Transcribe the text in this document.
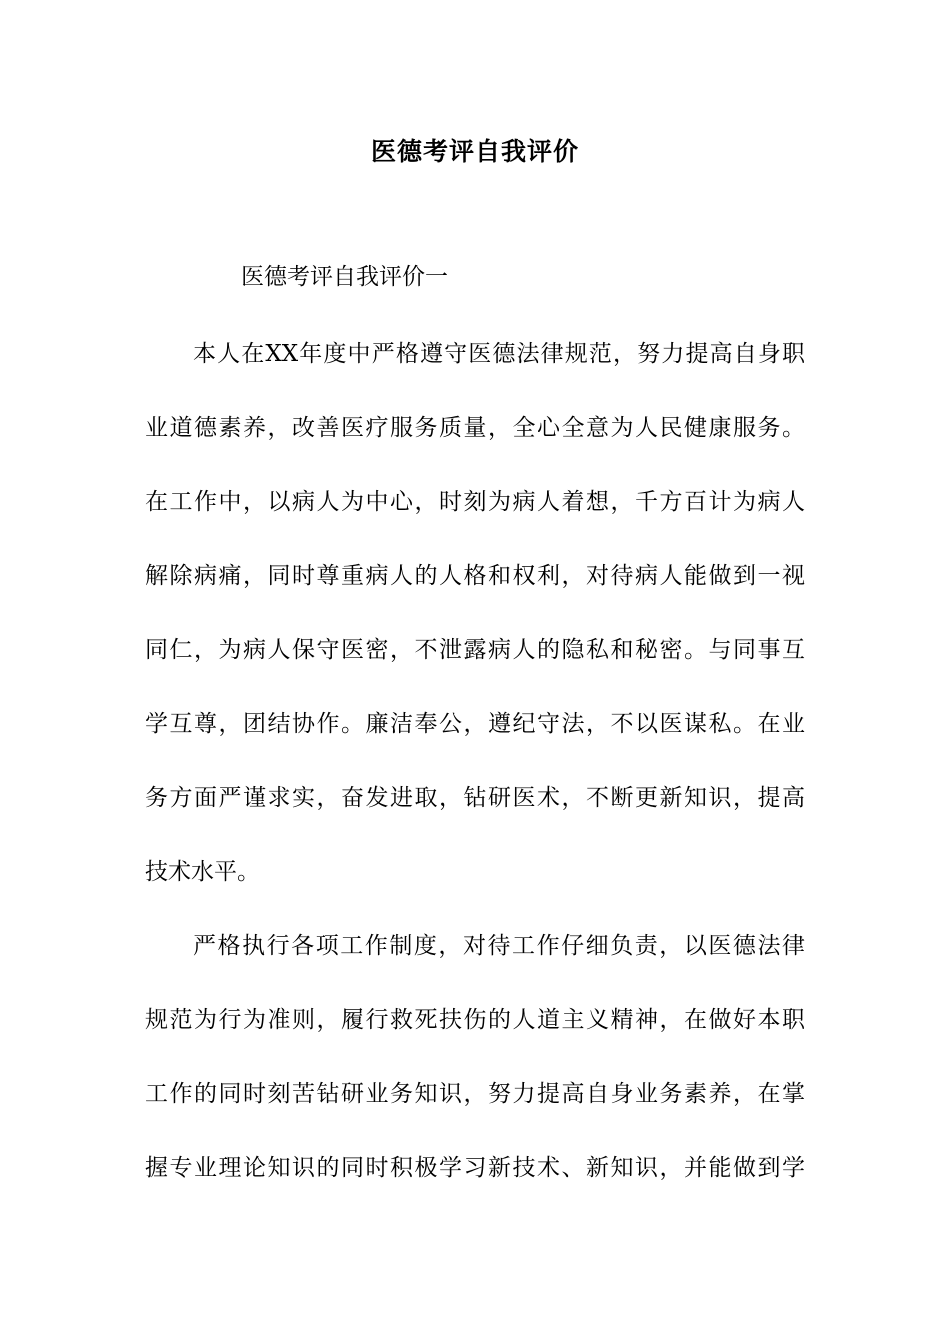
医德考评自我评价

医德考评自我评价一

本人在XX年度中严格遵守医德法律规范，努力提高自身职

业道德素养，改善医疗服务质量，全心全意为人民健康服务。

在工作中，以病人为中心，时刻为病人着想，千方百计为病人

解除病痛，同时尊重病人的人格和权利，对待病人能做到一视

同仁，为病人保守医密，不泄露病人的隐私和秘密。与同事互

学互尊，团结协作。廉洁奉公，遵纪守法，不以医谋私。在业

务方面严谨求实，奋发进取，钻研医术，不断更新知识，提高

技术水平。

严格执行各项工作制度，对待工作仔细负责，以医德法律

规范为行为准则，履行救死扶伤的人道主义精神，在做好本职

工作的同时刻苦钻研业务知识，努力提高自身业务素养，在掌

握专业理论知识的同时积极学习新技术、新知识，并能做到学
